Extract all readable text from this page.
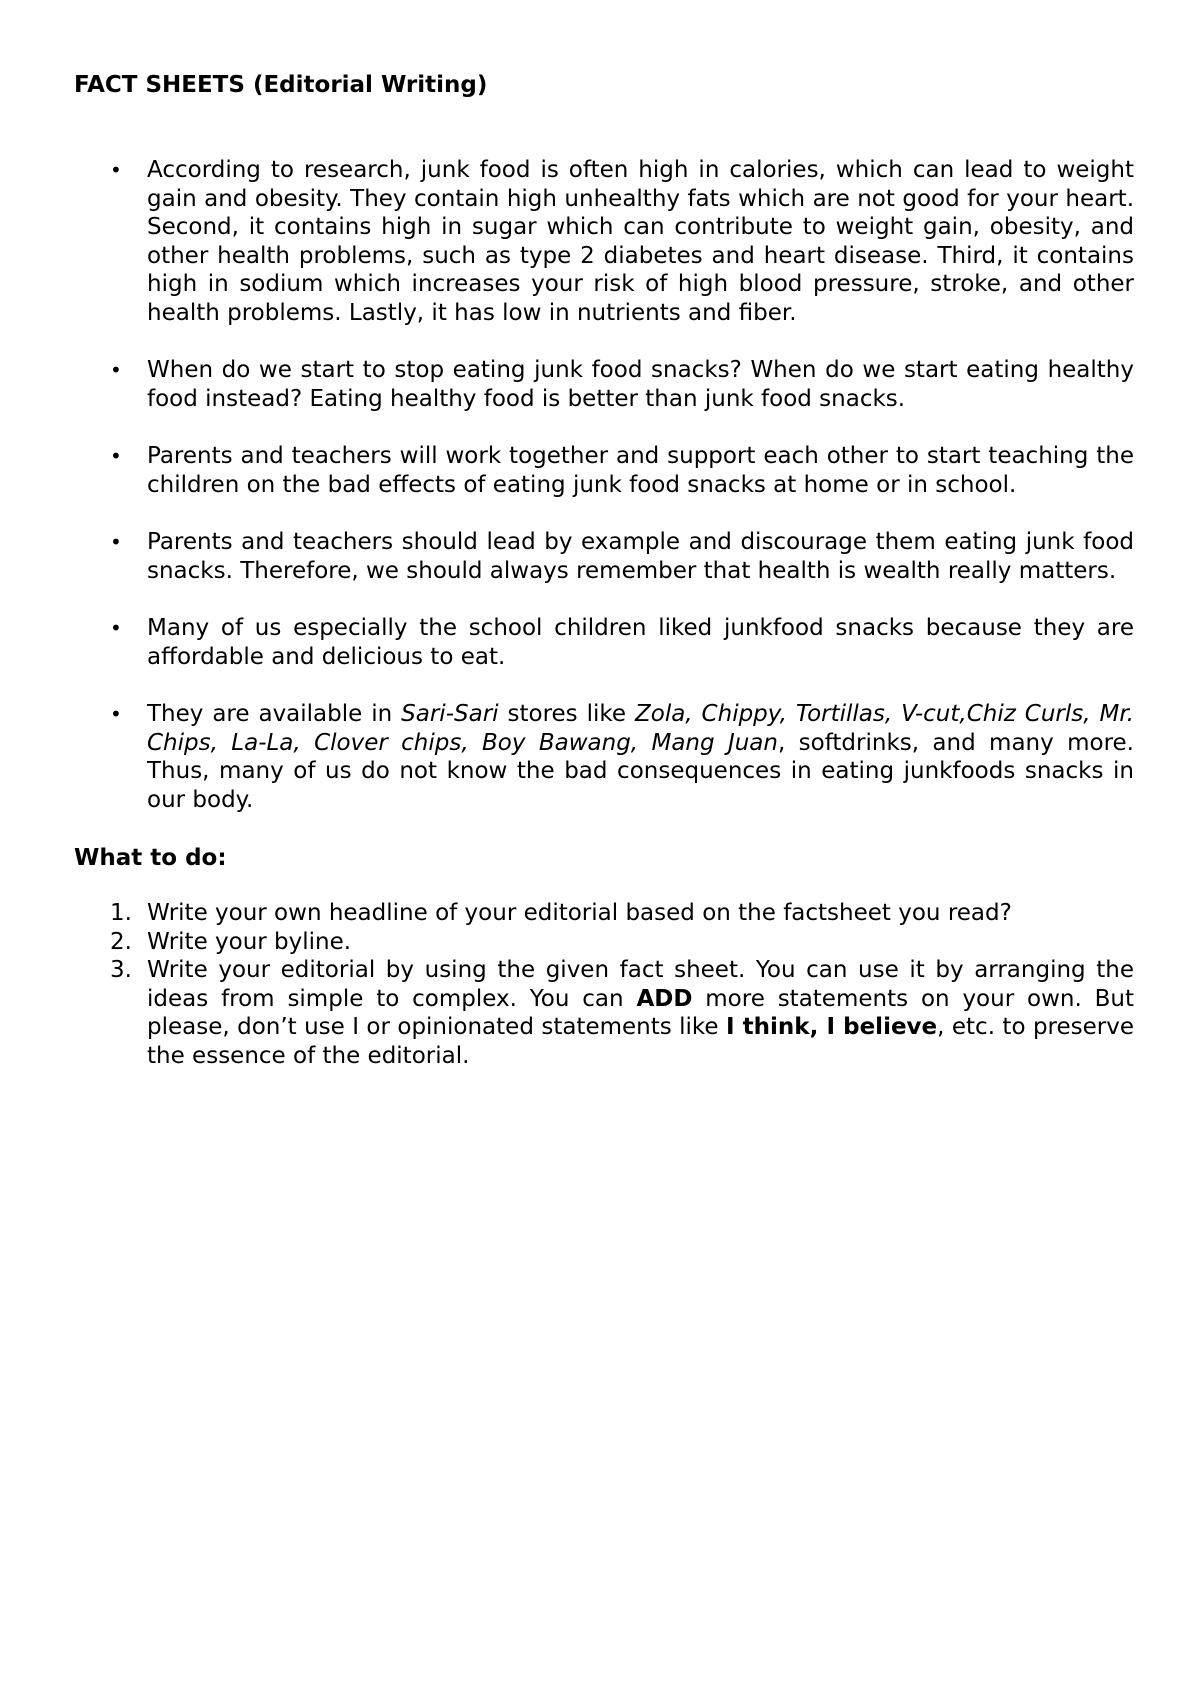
FACT SHEETS (Editorial Writing)
• According to research, junk food is often high in calories, which can lead to weight gain and obesity. They contain high unhealthy fats which are not good for your heart. Second, it contains high in sugar which can contribute to weight gain, obesity, and other health problems, such as type 2 diabetes and heart disease. Third, it contains high in sodium which increases your risk of high blood pressure, stroke, and other health problems. Lastly, it has low in nutrients and fiber.
• When do we start to stop eating junk food snacks? When do we start eating healthy food instead? Eating healthy food is better than junk food snacks.
• Parents and teachers will work together and support each other to start teaching the children on the bad effects of eating junk food snacks at home or in school.
• Parents and teachers should lead by example and discourage them eating junk food snacks. Therefore, we should always remember that health is wealth really matters.
• Many of us especially the school children liked junkfood snacks because they are affordable and delicious to eat.
• They are available in Sari-Sari stores like Zola, Chippy, Tortillas, V-cut,Chiz Curls, Mr. Chips, La-La, Clover chips, Boy Bawang, Mang Juan, softdrinks, and many more. Thus, many of us do not know the bad consequences in eating junkfoods snacks in our body.
What to do:
1. Write your own headline of your editorial based on the factsheet you read?
2. Write your byline.
3. Write your editorial by using the given fact sheet. You can use it by arranging the ideas from simple to complex. You can ADD more statements on your own. But please, don’t use I or opinionated statements like I think, I believe, etc. to preserve the essence of the editorial.
